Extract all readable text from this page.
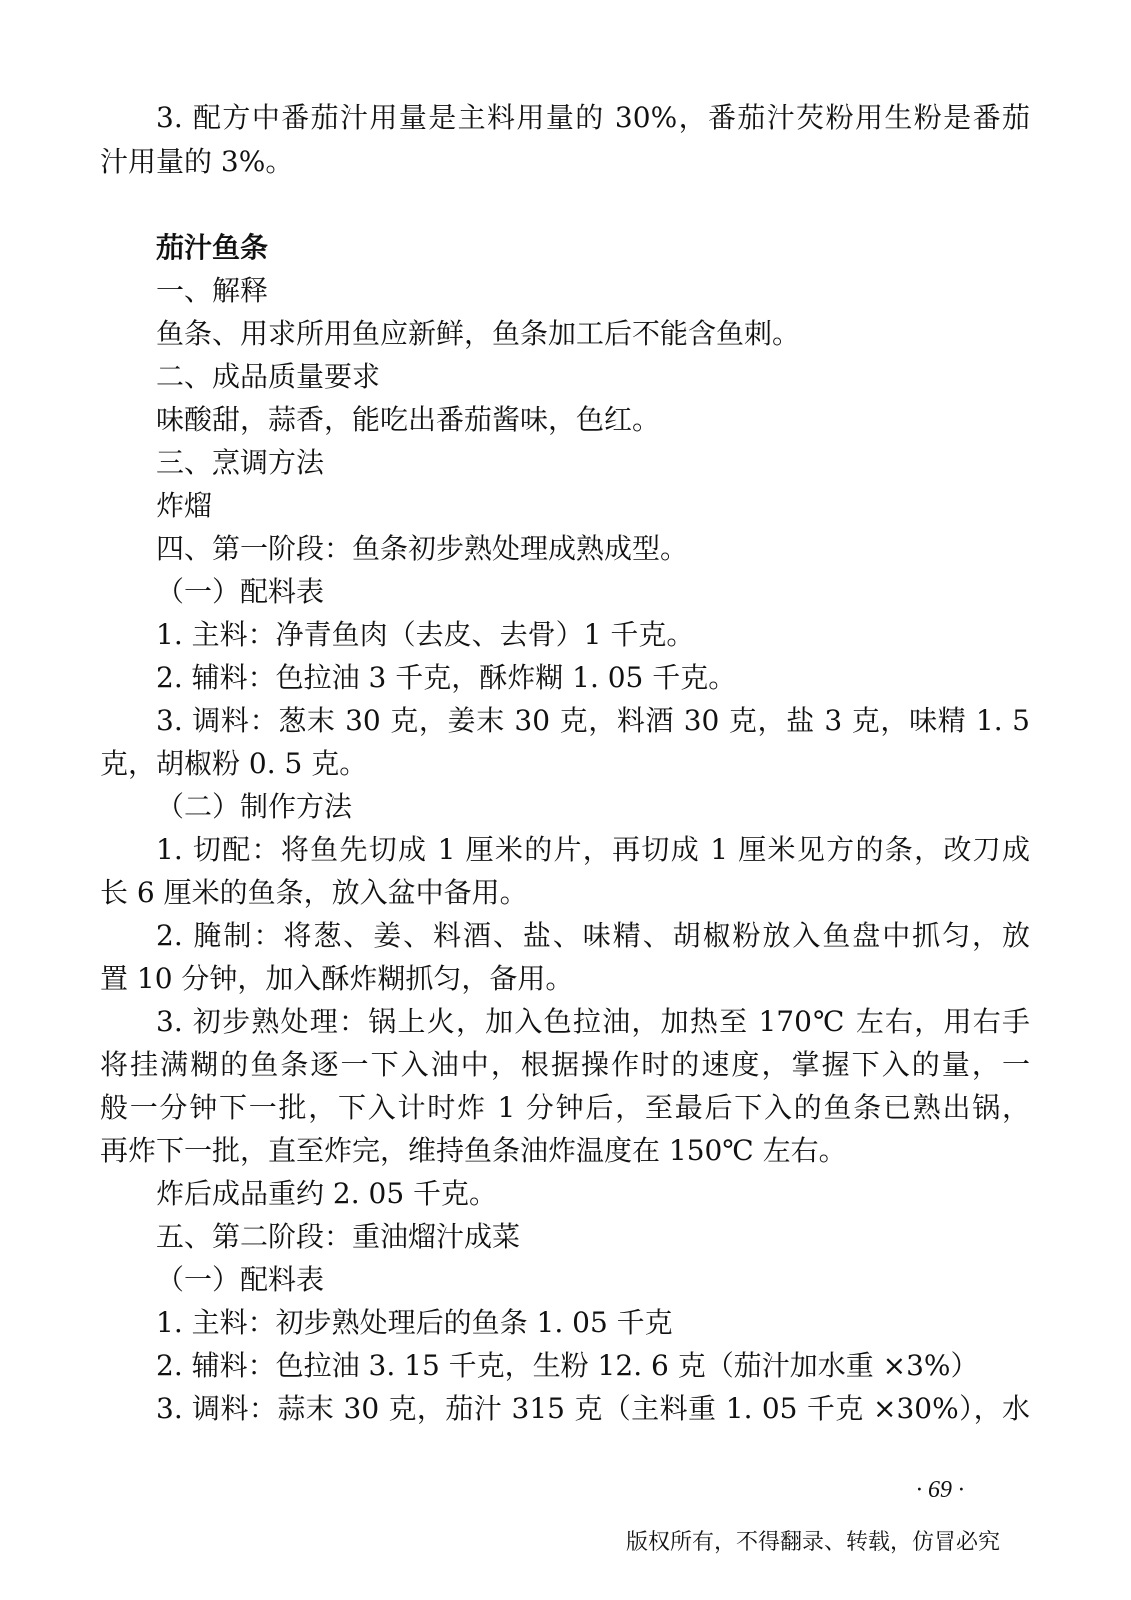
3. 配方中番茄汁用量是主料用量的 30%，番茄汁芡粉用生粉是番茄
汁用量的 3%。
茄汁鱼条
一、解释
鱼条、用求所用鱼应新鲜，鱼条加工后不能含鱼刺。
二、成品质量要求
味酸甜，蒜香，能吃出番茄酱味，色红。
三、烹调方法
炸熘
四、第一阶段：鱼条初步熟处理成熟成型。
（一）配料表
1. 主料：净青鱼肉（去皮、去骨）1 千克。
2. 辅料：色拉油 3 千克，酥炸糊 1. 05 千克。
3. 调料：葱末 30 克，姜末 30 克，料酒 30 克，盐 3 克，味精 1. 5
克，胡椒粉 0. 5 克。
（二）制作方法
1. 切配：将鱼先切成 1 厘米的片，再切成 1 厘米见方的条，改刀成
长 6 厘米的鱼条，放入盆中备用。
2. 腌制：将葱、姜、料酒、盐、味精、胡椒粉放入鱼盘中抓匀，放
置 10 分钟，加入酥炸糊抓匀，备用。
3. 初步熟处理：锅上火，加入色拉油，加热至 170℃ 左右，用右手
将挂满糊的鱼条逐一下入油中，根据操作时的速度，掌握下入的量，一
般一分钟下一批，下入计时炸 1 分钟后，至最后下入的鱼条已熟出锅，
再炸下一批，直至炸完，维持鱼条油炸温度在 150℃ 左右。
炸后成品重约 2. 05 千克。
五、第二阶段：重油熘汁成菜
（一）配料表
1. 主料：初步熟处理后的鱼条 1. 05 千克
2. 辅料：色拉油 3. 15 千克，生粉 12. 6 克（茄汁加水重 ×3%）
3. 调料：蒜末 30 克，茄汁 315 克（主料重 1. 05 千克 ×30%），水
· 69 ·
版权所有，不得翻录、转载，仿冒必究
